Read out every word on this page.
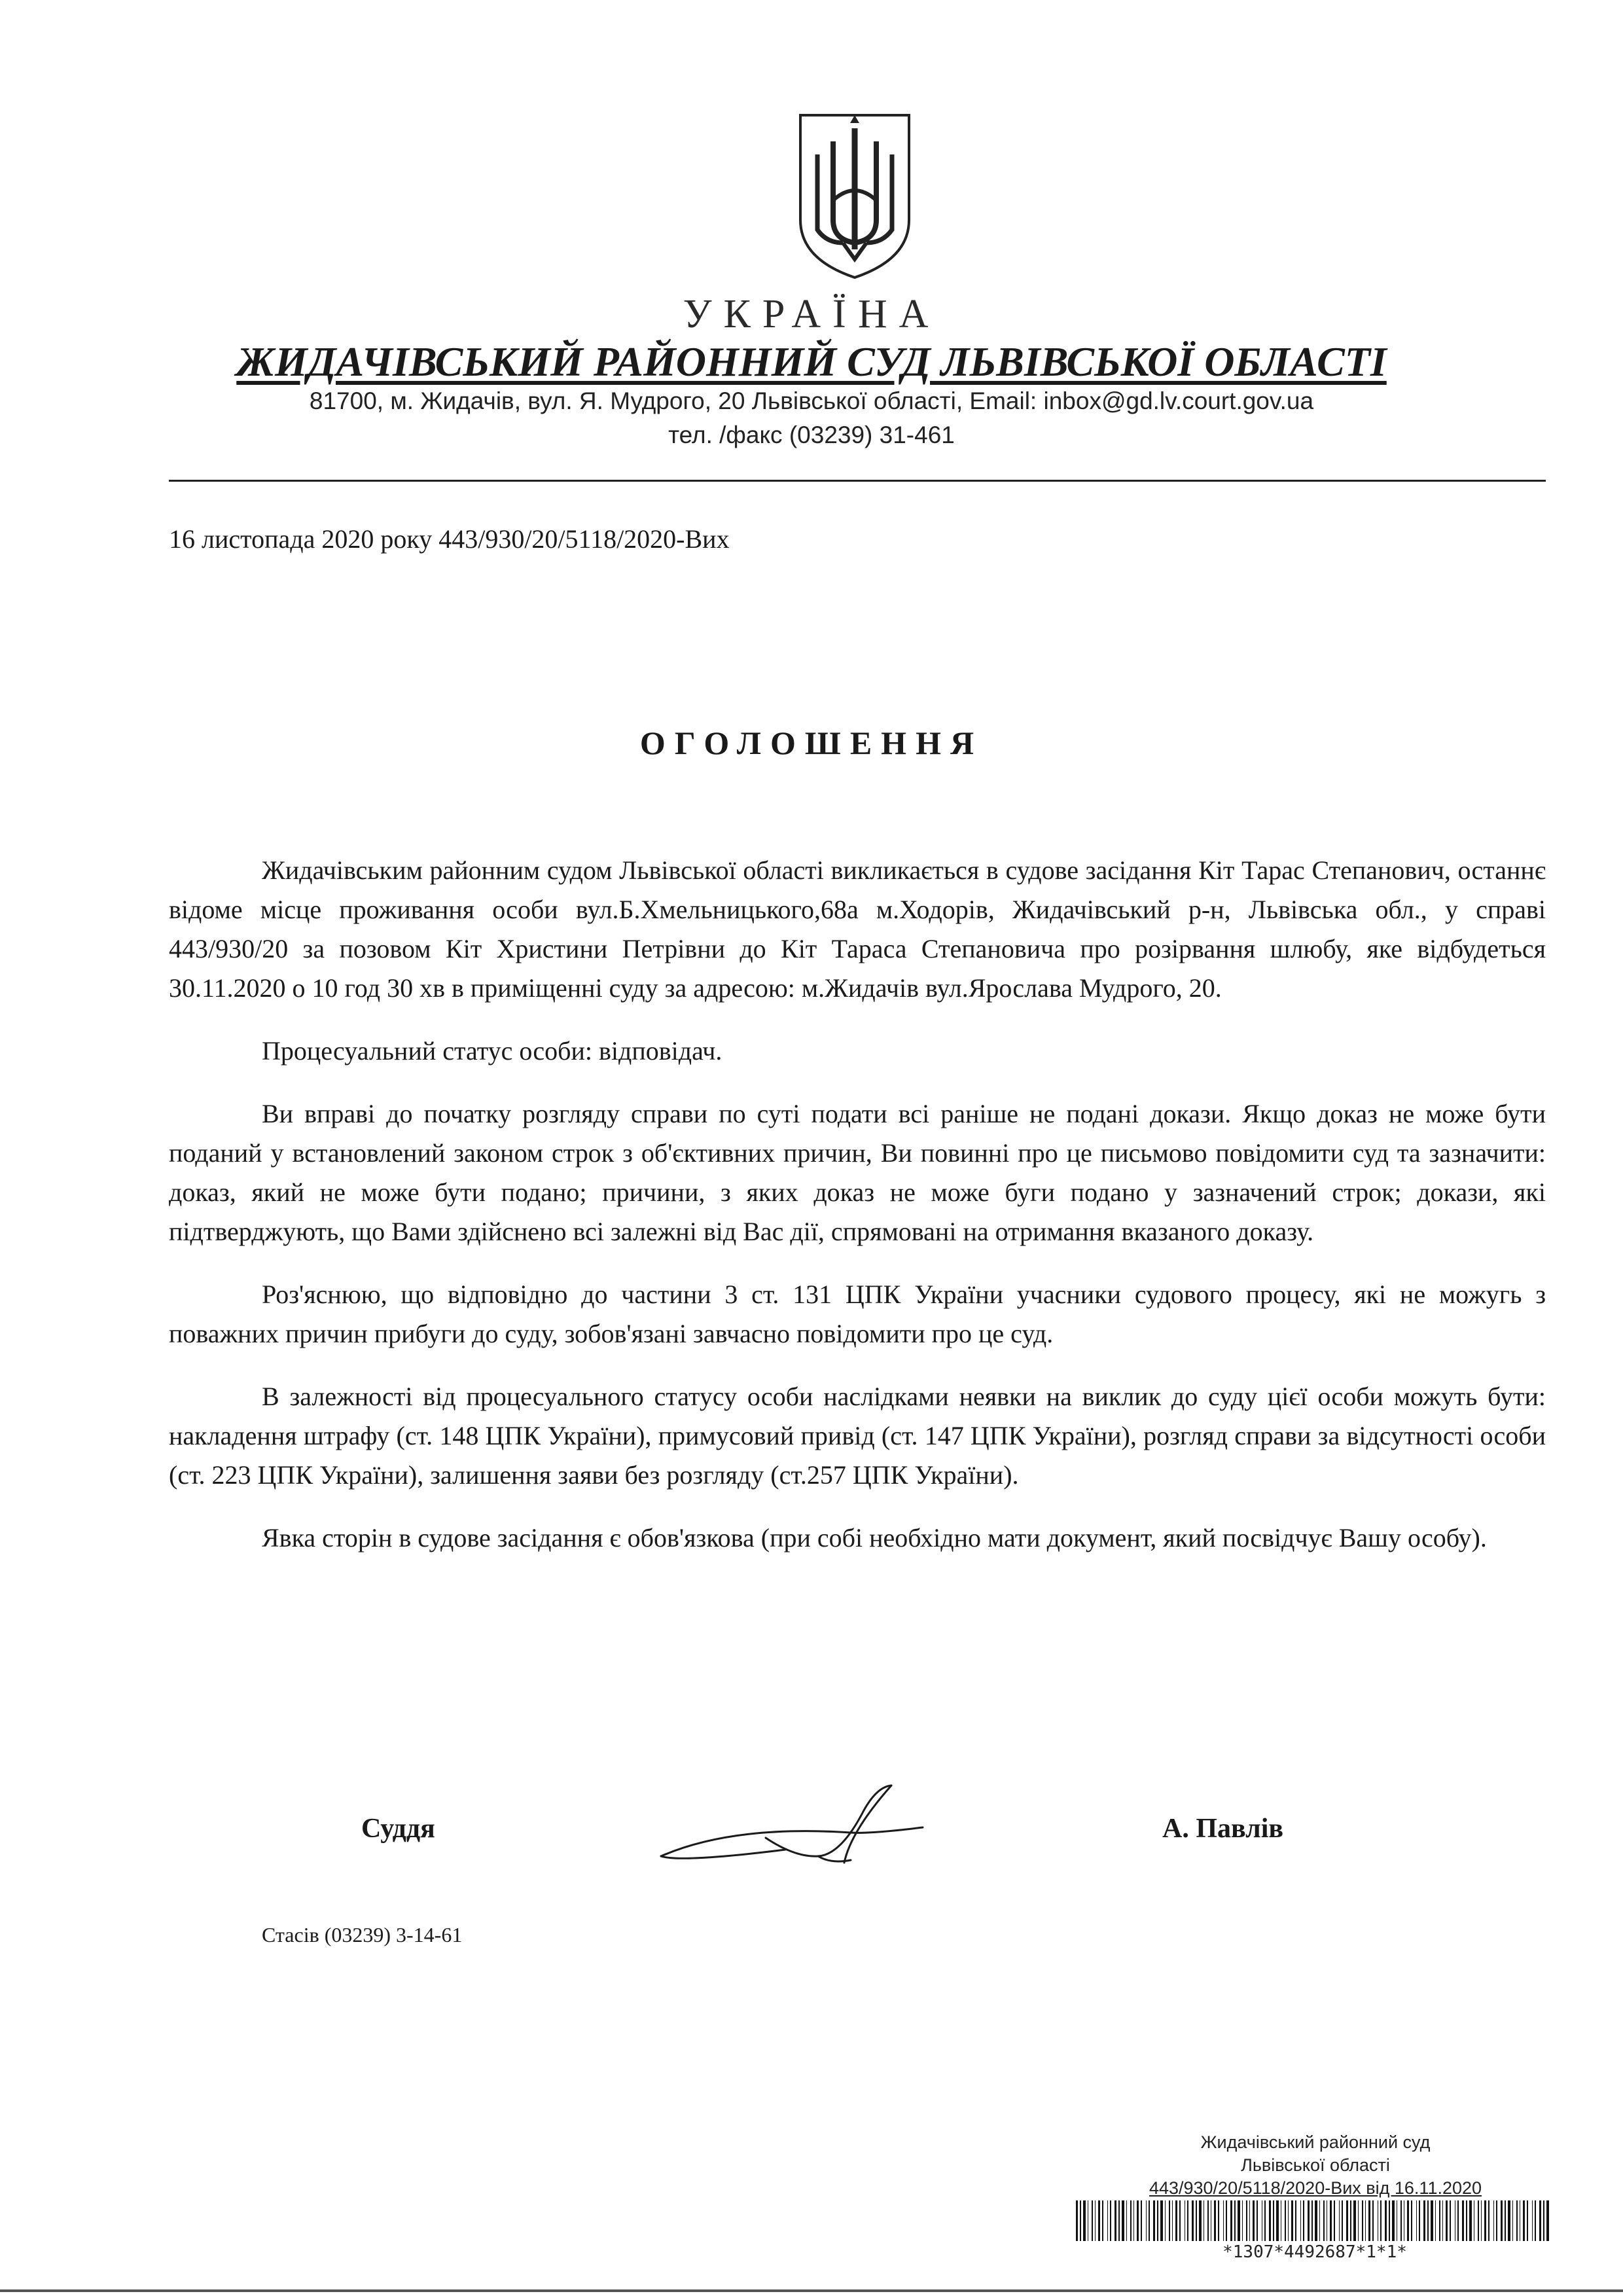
УКРАЇНА
ЖИДАЧІВСЬКИЙ РАЙОННИЙ СУД ЛЬВІВСЬКОЇ ОБЛАСТІ
81700, м. Жидачів, вул. Я. Мудрого, 20 Львівської області, Email: inbox@gd.lv.court.gov.ua
тел. /факс (03239) 31-461
16 листопада 2020 року 443/930/20/5118/2020-Вих
ОГОЛОШЕННЯ

Жидачівським районним судом Львівської області викликається в судове засідання Кіт Тарас Степанович, останнє відоме місце проживання особи вул.Б.Хмельницького,68а м.Ходорів, Жидачівський р-н, Львівська обл., у справі 443/930/20 за позовом Кіт Христини Петрівни до Кіт Тараса Степановича про розірвання шлюбу, яке відбудеться 30.11.2020 о 10 год 30 хв в приміщенні суду за адресою: м.Жидачів вул.Ярослава Мудрого, 20.

Процесуальний статус особи: відповідач.

Ви вправі до початку розгляду справи по суті подати всі раніше не подані докази. Якщо доказ не може бути поданий у встановлений законом строк з об'єктивних причин, Ви повинні про це письмово повідомити суд та зазначити: доказ, який не може бути подано; причини, з яких доказ не може буги подано у зазначений строк; докази, які підтверджують, що Вами здійснено всі залежні від Вас дії, спрямовані на отримання вказаного доказу.

Роз'яснюю, що відповідно до частини 3 ст. 131 ЦПК України учасники судового процесу, які не можугь з поважних причин прибуги до суду, зобов'язані завчасно повідомити про це суд.

В залежності від процесуального статусу особи наслідками неявки на виклик до суду цієї особи можуть бути: накладення штрафу (ст. 148 ЦПК України), примусовий привід (ст. 147 ЦПК України), розгляд справи за відсутності особи (ст. 223 ЦПК України), залишення заяви без розгляду (ст.257 ЦПК України).

Явка сторін в судове засідання є обов'язкова (при собі необхідно мати документ, який посвідчує Вашу особу).

Суддя	А. Павлів
Стасів (03239) 3-14-61
Жидачівський районний суд
Львівської області
443/930/20/5118/2020-Вих від 16.11.2020
*1307*4492687*1*1*
